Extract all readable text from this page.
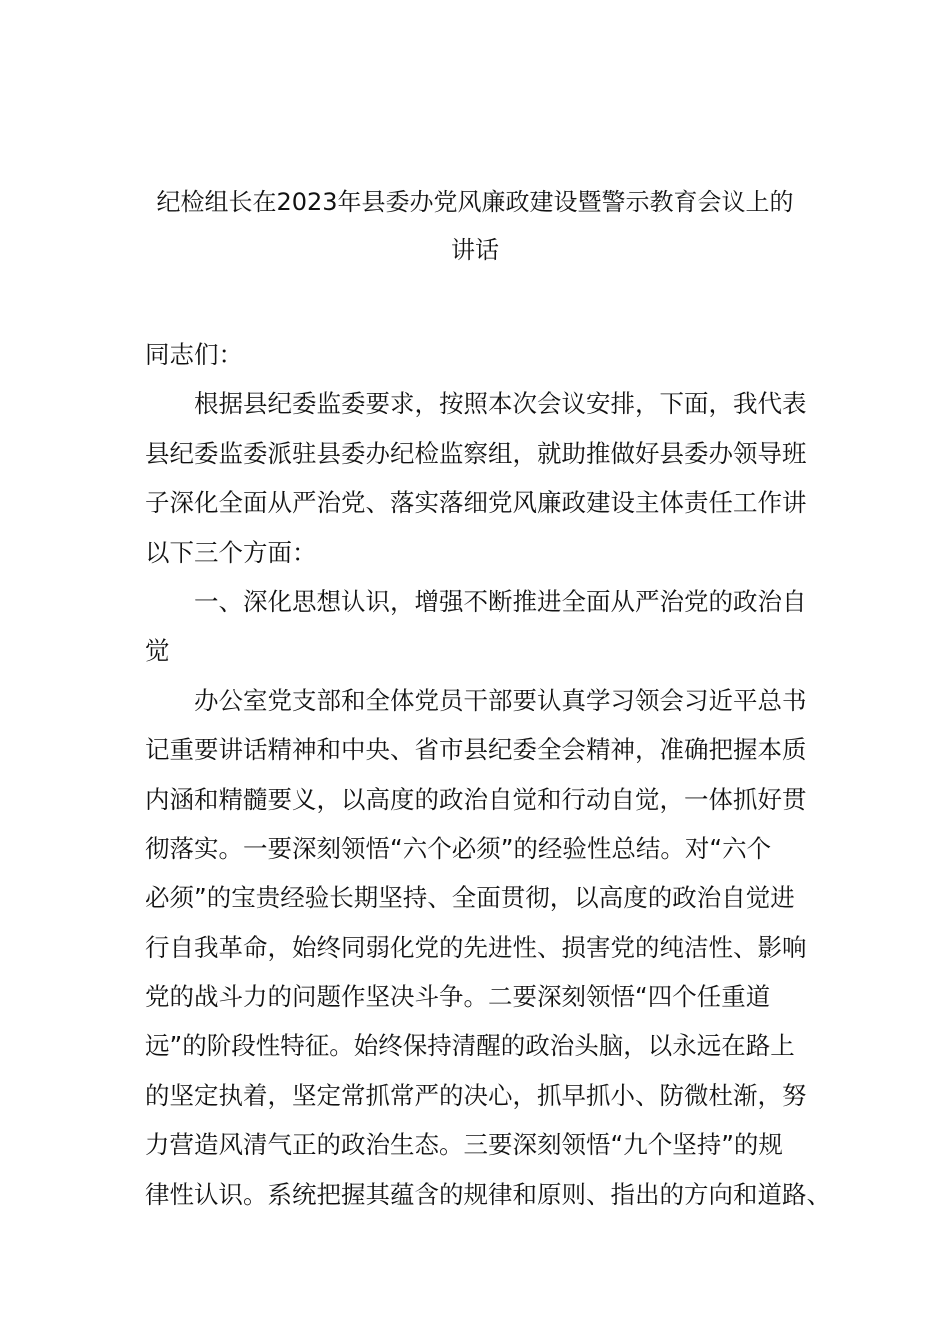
纪检组长在2023年县委办党风廉政建设暨警示教育会议上的
讲话
同志们：
根据县纪委监委要求，按照本次会议安排，下面，我代表
县纪委监委派驻县委办纪检监察组，就助推做好县委办领导班
子深化全面从严治党、落实落细党风廉政建设主体责任工作讲
以下三个方面：
一、深化思想认识，增强不断推进全面从严治党的政治自
觉
办公室党支部和全体党员干部要认真学习领会习近平总书
记重要讲话精神和中央、省市县纪委全会精神，准确把握本质
内涵和精髓要义，以高度的政治自觉和行动自觉，一体抓好贯
彻落实。一要深刻领悟“六个必须”的经验性总结。对“六个
必须”的宝贵经验长期坚持、全面贯彻，以高度的政治自觉进
行自我革命，始终同弱化党的先进性、损害党的纯洁性、影响
党的战斗力的问题作坚决斗争。二要深刻领悟“四个任重道
远”的阶段性特征。始终保持清醒的政治头脑，以永远在路上
的坚定执着，坚定常抓常严的决心，抓早抓小、防微杜渐，努
力营造风清气正的政治生态。三要深刻领悟“九个坚持”的规
律性认识。系统把握其蕴含的规律和原则、指出的方向和道路、
